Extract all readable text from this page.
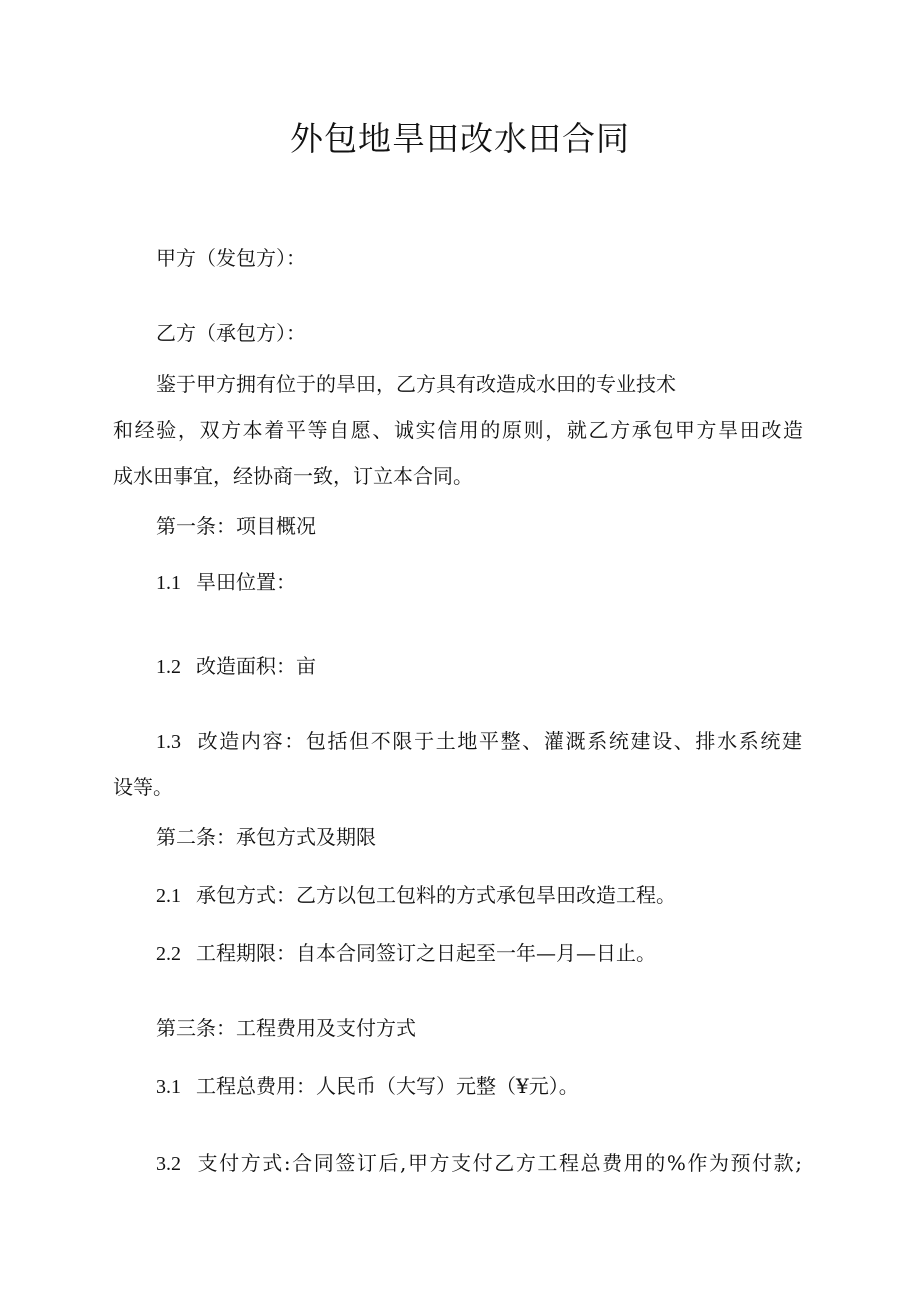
外包地旱田改水田合同
甲方（发包方）：
乙方（承包方）：
鉴于甲方拥有位于的旱田，乙方具有改造成水田的专业技术
和经验，双方本着平等自愿、诚实信用的原则，就乙方承包甲方旱田改造
成水田事宜，经协商一致，订立本合同。
第一条：项目概况
1.1 旱田位置：
1.2 改造面积：亩
1.3 改造内容：包括但不限于土地平整、灌溉系统建设、排水系统建
设等。
第二条：承包方式及期限
2.1 承包方式：乙方以包工包料的方式承包旱田改造工程。
2.2 工程期限：自本合同签订之日起至一年—月—日止。
第三条：工程费用及支付方式
3.1 工程总费用：人民币（大写）元整（¥元）。
3.2 支付方式:合同签订后,甲方支付乙方工程总费用的%作为预付款;
